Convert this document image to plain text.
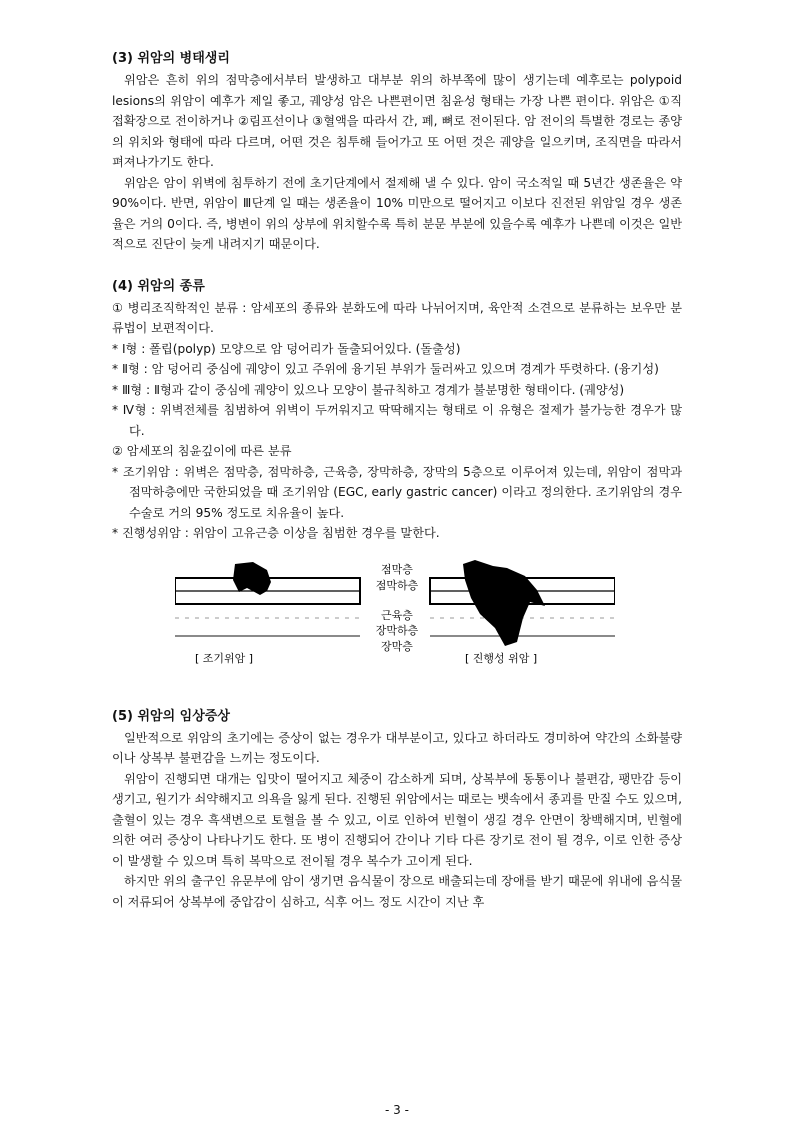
(3) 위암의 병태생리

위암은 흔히 위의 점막층에서부터 발생하고 대부분 위의 하부쪽에 많이 생기는데 예후로는 polypoid lesions의 위암이 예후가 제일 좋고, 궤양성 암은 나쁜편이면 침윤성 형태는 가장 나쁜 편이다. 위암은 ①직접확장으로 전이하거나 ②림프선이나 ③혈액을 따라서 간, 폐, 뼈로 전이된다. 암 전이의 특별한 경로는 종양의 위치와 형태에 따라 다르며, 어떤 것은 침투해 들어가고 또 어떤 것은 궤양을 일으키며, 조직면을 따라서 펴져나가기도 한다.

위암은 암이 위벽에 침투하기 전에 초기단계에서 절제해 낼 수 있다. 암이 국소적일 때 5년간 생존율은 약 90%이다. 반면, 위암이 Ⅲ단계 일 때는 생존율이 10% 미만으로 떨어지고 이보다 진전된 위암일 경우 생존율은 거의 0이다. 즉, 병변이 위의 상부에 위치할수록 특히 분문 부분에 있을수록 예후가 나쁜데 이것은 일반적으로 진단이 늦게 내려지기 때문이다.

(4) 위암의 종류
① 병리조직학적인 분류 : 암세포의 종류와 분화도에 따라 나뉘어지며, 육안적 소견으로 분류하는 보우만 분류법이 보편적이다.
* Ⅰ형 : 폴립(polyp) 모양으로 암 덩어리가 돌출되어있다. (돌출성)
* Ⅱ형 : 암 덩어리 중심에 궤양이 있고 주위에 융기된 부위가 둘러싸고 있으며 경계가 뚜렷하다. (융기성)
* Ⅲ형 : Ⅱ형과 같이 중심에 궤양이 있으나 모양이 불규칙하고 경계가 불분명한 형태이다. (궤양성)
* Ⅳ형 : 위벽전체를 침범하여 위벽이 두꺼워지고 딱딱해지는 형태로 이 유형은 절제가 불가능한 경우가 많다.
② 암세포의 침윤깊이에 따른 분류
* 조기위암 : 위벽은 점막층, 점막하층, 근육층, 장막하층, 장막의 5층으로 이루어져 있는데, 위암이 점막과 점막하층에만 국한되었을 때 조기위암 (EGC, early gastric cancer) 이라고 정의한다. 조기위암의 경우 수술로 거의 95% 정도로 치유율이 높다.
* 진행성위암 : 위암이 고유근층 이상을 침범한 경우를 말한다.
점막층
점막하층
근육층
장막하층
장막층
[ 조기위암 ]	[ 진행성 위암 ]
(5) 위암의 임상증상

일반적으로 위암의 초기에는 증상이 없는 경우가 대부분이고, 있다고 하더라도 경미하여 약간의 소화불량이나 상복부 불편감을 느끼는 정도이다.

위암이 진행되면 대개는 입맛이 떨어지고 체중이 감소하게 되며, 상복부에 동통이나 불편감, 팽만감 등이 생기고, 원기가 쇠약해지고 의욕을 잃게 된다. 진행된 위암에서는 때로는 뱃속에서 종괴를 만질 수도 있으며, 출혈이 있는 경우 흑색변으로 토혈을 볼 수 있고, 이로 인하여 빈혈이 생길 경우 안면이 창백해지며, 빈혈에 의한 여러 증상이 나타나기도 한다. 또 병이 진행되어 간이나 기타 다른 장기로 전이 될 경우, 이로 인한 증상이 발생할 수 있으며 특히 복막으로 전이될 경우 복수가 고이게 된다.

하지만 위의 출구인 유문부에 암이 생기면 음식물이 장으로 배출되는데 장애를 받기 때문에 위내에 음식물이 저류되어 상복부에 중압감이 심하고, 식후 어느 정도 시간이 지난 후

- 3 -
